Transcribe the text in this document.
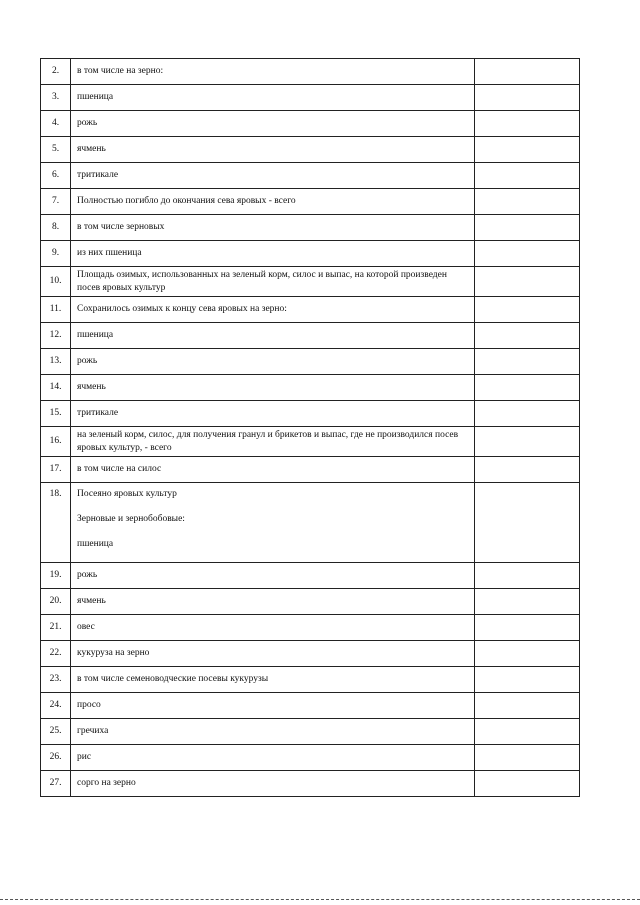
2.	в том числе на зерно:	
3.	пшеница	
4.	рожь	
5.	ячмень	
6.	тритикале	
7.	Полностью погибло до окончания сева яровых - всего	
8.	в том числе зерновых	
9.	из них пшеница	
10.	Площадь озимых, использованных на зеленый корм, силос и выпас, на которой произведен посев яровых культур	
11.	Сохранилось озимых к концу сева яровых на зерно:	
12.	пшеница	
13.	рожь	
14.	ячмень	
15.	тритикале	
16.	на зеленый корм, силос, для получения гранул и брикетов и выпас, где не производился посев яровых культур, - всего	
17.	в том числе на силос	
18.	Посеяно яровых культур
Зерновые и зернобобовые:
пшеница	

19.	рожь	
20.	ячмень	
21.	овес	
22.	кукуруза на зерно	
23.	в том числе семеноводческие посевы кукурузы	
24.	просо	
25.	гречиха	
26.	рис	
27.	сорго на зерно	
